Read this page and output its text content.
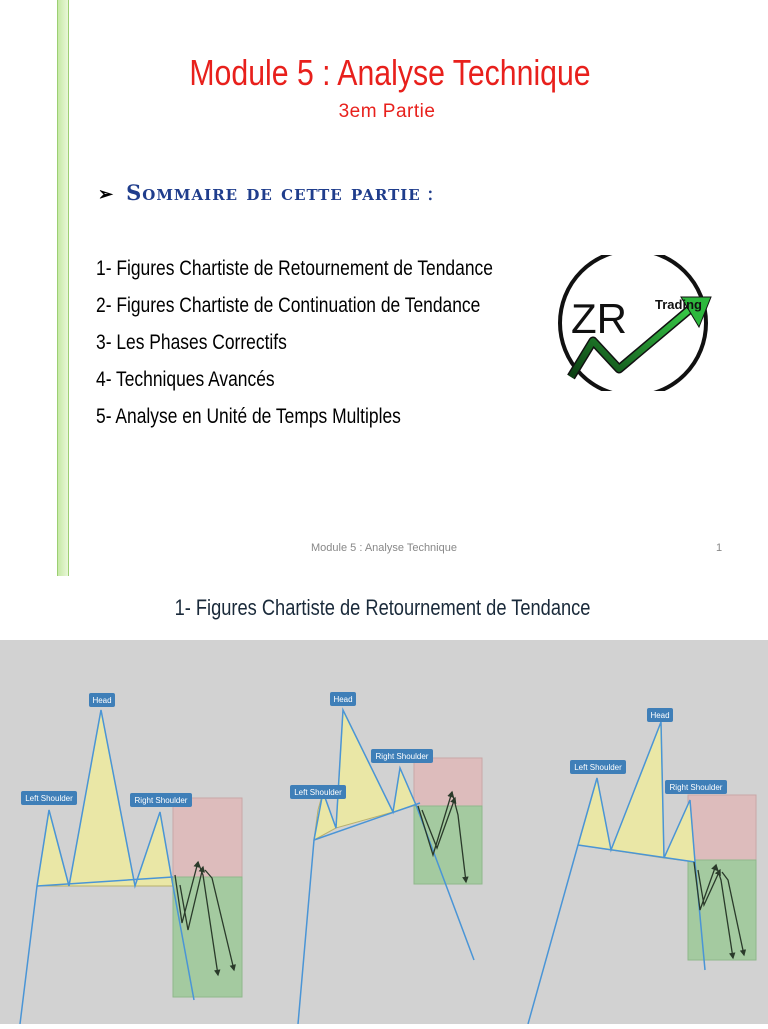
Module 5 : Analyse Technique
3em Partie
➢ Sommaire de cette partie :
1- Figures Chartiste de Retournement de Tendance
2- Figures Chartiste de Continuation de Tendance
3- Les Phases Correctifs
4- Techniques Avancés
5- Analyse en Unité de Temps Multiples
ZR Trading
Module 5 : Analyse Technique	1
1- Figures Chartiste de Retournement de Tendance
Head
Left Shoulder	Right Shoulder
Head
Left Shoulder
Right Shoulder
Head
Left Shoulder
Right Shoulder
